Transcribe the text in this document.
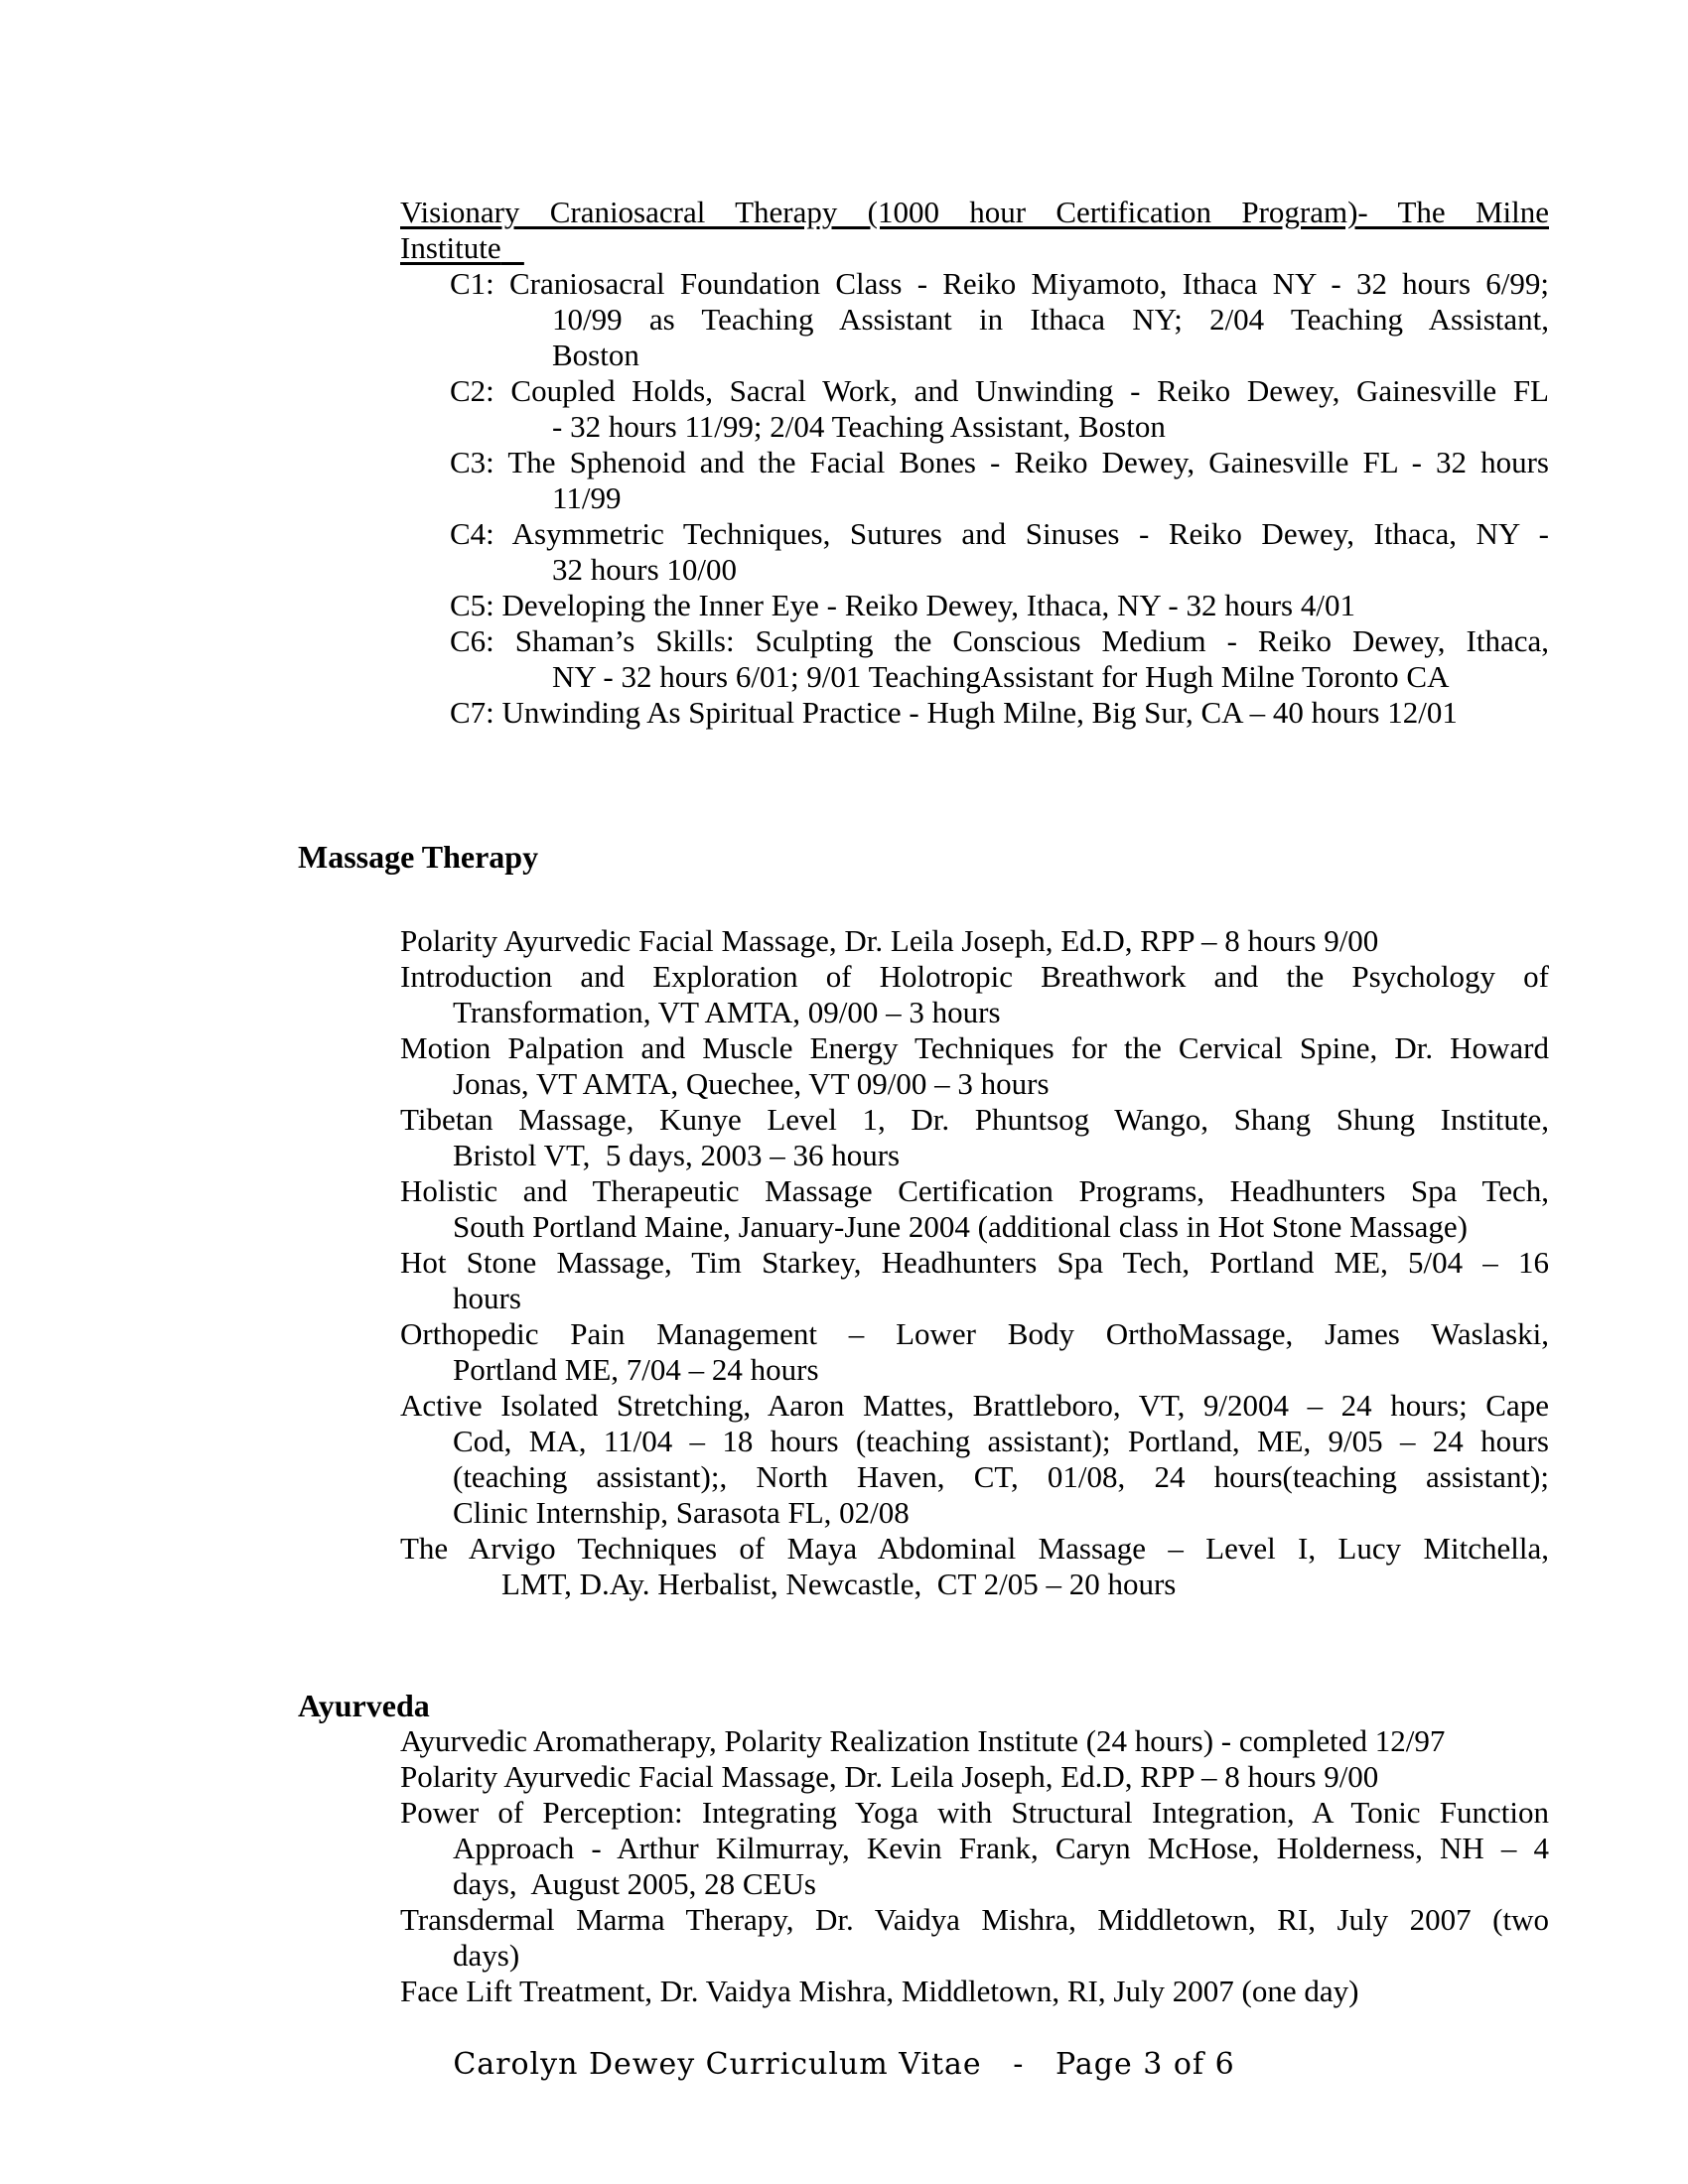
Visionary Craniosacral Therapy (1000 hour Certification Program)- The Milne
Institute
C1: Craniosacral Foundation Class - Reiko Miyamoto, Ithaca NY - 32 hours 6/99;
10/99 as Teaching Assistant in Ithaca NY; 2/04 Teaching Assistant,
Boston
C2: Coupled Holds, Sacral Work, and Unwinding - Reiko Dewey, Gainesville FL
- 32 hours 11/99; 2/04 Teaching Assistant, Boston
C3: The Sphenoid and the Facial Bones - Reiko Dewey, Gainesville FL - 32 hours
11/99
C4: Asymmetric Techniques, Sutures and Sinuses - Reiko Dewey, Ithaca, NY -
32 hours 10/00
C5: Developing the Inner Eye - Reiko Dewey, Ithaca, NY - 32 hours 4/01
C6: Shaman’s Skills: Sculpting the Conscious Medium - Reiko Dewey, Ithaca,
NY - 32 hours 6/01; 9/01 TeachingAssistant for Hugh Milne Toronto CA
C7: Unwinding As Spiritual Practice - Hugh Milne, Big Sur, CA – 40 hours 12/01
Massage Therapy
Polarity Ayurvedic Facial Massage, Dr. Leila Joseph, Ed.D, RPP – 8 hours 9/00
Introduction and Exploration of Holotropic Breathwork and the Psychology of
Transformation, VT AMTA, 09/00 – 3 hours
Motion Palpation and Muscle Energy Techniques for the Cervical Spine, Dr. Howard
Jonas, VT AMTA, Quechee, VT 09/00 – 3 hours
Tibetan Massage, Kunye Level 1, Dr. Phuntsog Wango, Shang Shung Institute,
Bristol VT,  5 days, 2003 – 36 hours
Holistic and Therapeutic Massage Certification Programs, Headhunters Spa Tech,
South Portland Maine, January-June 2004 (additional class in Hot Stone Massage)
Hot Stone Massage, Tim Starkey, Headhunters Spa Tech, Portland ME, 5/04 – 16
hours
Orthopedic Pain Management – Lower Body OrthoMassage, James Waslaski,
Portland ME, 7/04 – 24 hours
Active Isolated Stretching, Aaron Mattes, Brattleboro, VT, 9/2004 – 24 hours; Cape
Cod, MA, 11/04 – 18 hours (teaching assistant); Portland, ME, 9/05 – 24 hours
(teaching assistant);, North Haven, CT, 01/08, 24 hours(teaching assistant);
Clinic Internship, Sarasota FL, 02/08
The Arvigo Techniques of Maya Abdominal Massage – Level I, Lucy Mitchella,
LMT, D.Ay. Herbalist, Newcastle,  CT 2/05 – 20 hours
Ayurveda
Ayurvedic Aromatherapy, Polarity Realization Institute (24 hours) - completed 12/97
Polarity Ayurvedic Facial Massage, Dr. Leila Joseph, Ed.D, RPP – 8 hours 9/00
Power of Perception: Integrating Yoga with Structural Integration, A Tonic Function
Approach - Arthur Kilmurray, Kevin Frank, Caryn McHose, Holderness, NH – 4
days,  August 2005, 28 CEUs
Transdermal Marma Therapy, Dr. Vaidya Mishra, Middletown, RI, July 2007 (two
days)
Face Lift Treatment, Dr. Vaidya Mishra, Middletown, RI, July 2007 (one day)
Carolyn Dewey Curriculum Vitae   -   Page 3 of 6
